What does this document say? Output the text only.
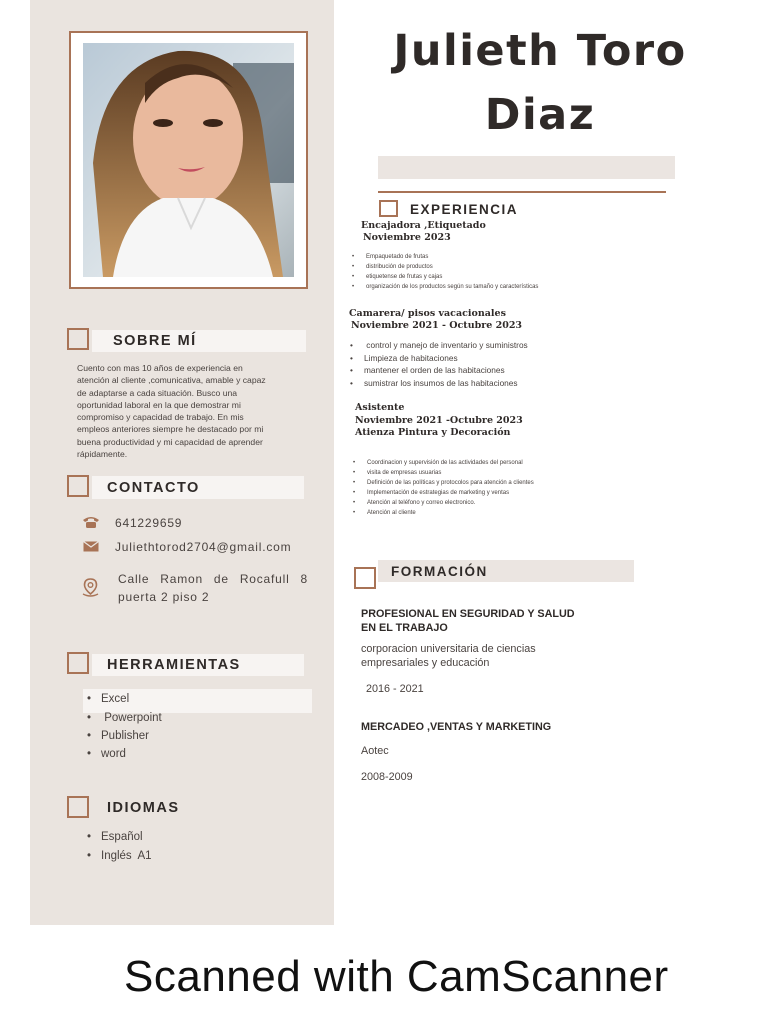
SOBRE MÍ
Cuento con mas 10 años de experiencia en
atención al cliente ,comunicativa, amable y capaz
de adaptarse a cada situación. Busco una
oportunidad laboral en la que demostrar mi
compromiso y capacidad de trabajo. En mis
empleos anteriores siempre he destacado por mi
buena productividad y mi capacidad de aprender
rápidamente.
CONTACTO
641229659
Juliethtorod2704@gmail.com
Calle Ramon de Rocafull 8
puerta 2 piso 2
HERRAMIENTAS
• Excel
•  Powerpoint
• Publisher
• word
IDIOMAS
• Español
• Inglés  A1
Julieth Toro
Diaz
EXPERIENCIA
Encajadora ,Etiquetado
Noviembre 2023
• Empaquetado de frutas
• distribución de productos
• etiquetense de frutas y cajas
• organización de los productos según su tamaño y características
Camarera/ pisos vacacionales
Noviembre 2021 - Octubre 2023
•  control y manejo de inventario y suministros
• Limpieza de habitaciones
• mantener el orden de las habitaciones
• sumistrar los insumos de las habitaciones
Asistente
Noviembre 2021 -Octubre 2023
Atienza Pintura y Decoración
• Coordinacion y supervisión de las actividades del personal
• visita de empresas usuarias
• Definición de las políticas y protocolos para atención a clientes
• Implementación de estrategias de marketing y ventas
• Atención al teléfono y correo electronico.
• Atención al cliente
FORMACIÓN
PROFESIONAL EN SEGURIDAD Y SALUD
EN EL TRABAJO
corporacion universitaria de ciencias
empresariales y educación
2016 - 2021
MERCADEO ,VENTAS Y MARKETING
Aotec
2008-2009
Scanned with CamScanner
